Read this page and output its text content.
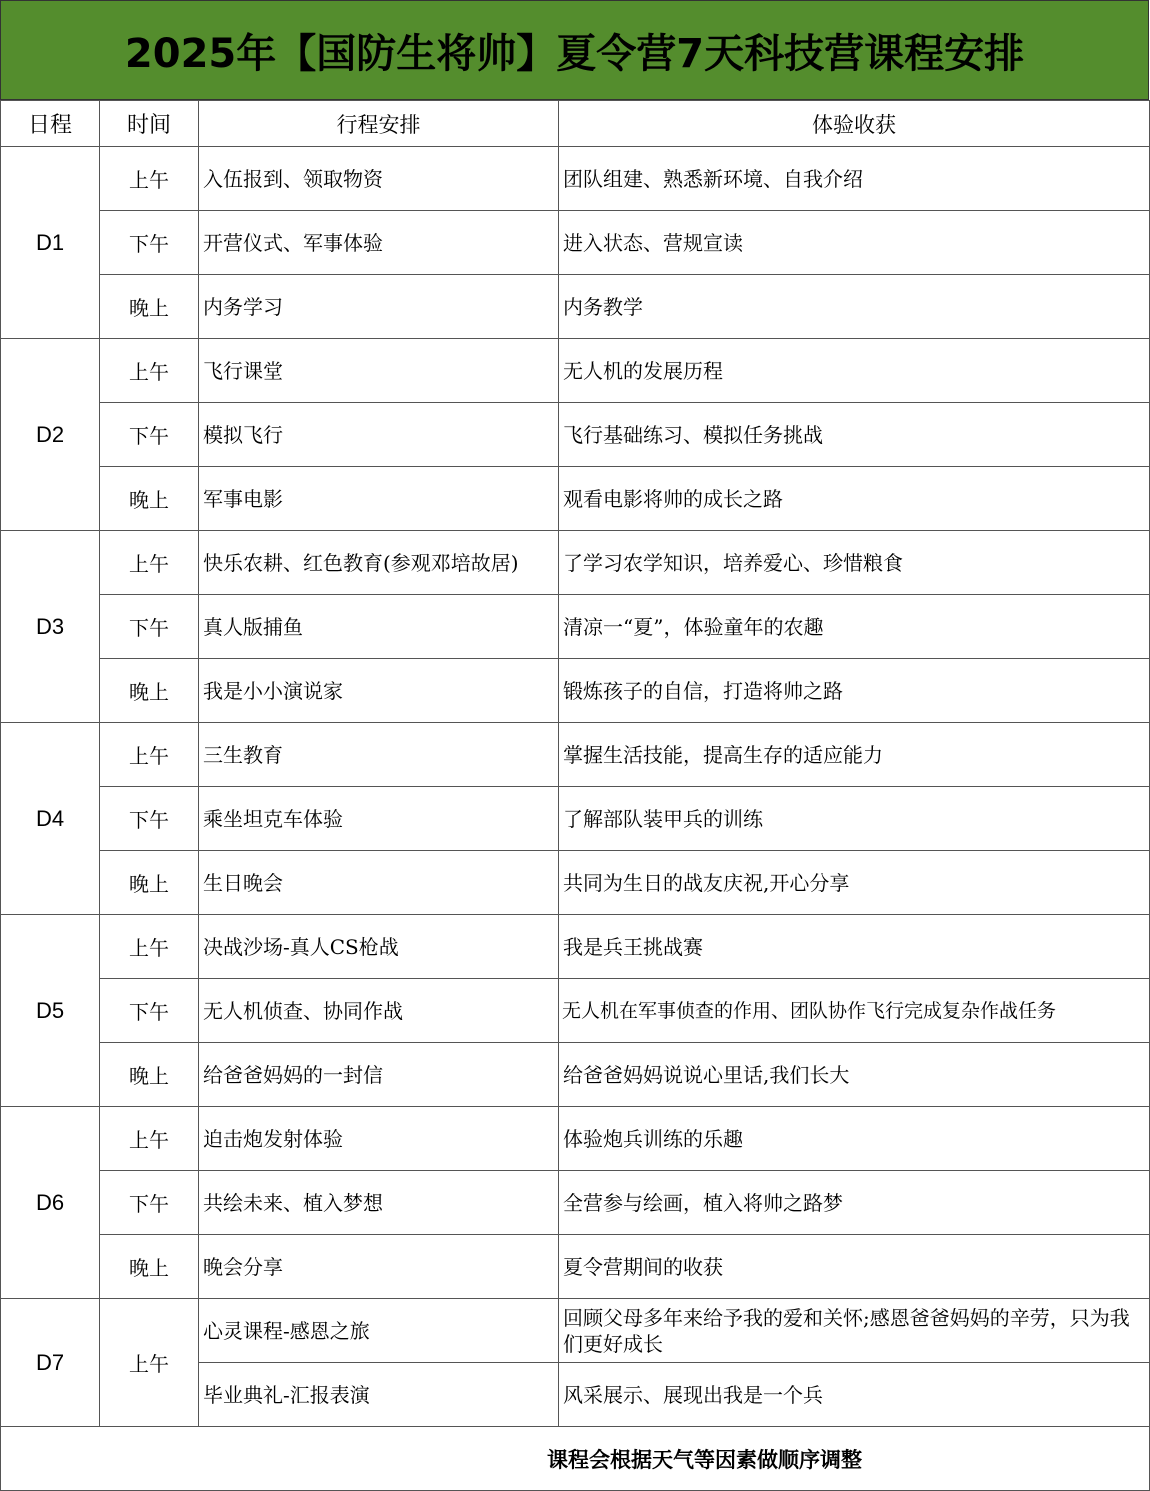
2025年【国防生将帅】夏令营7天科技营课程安排
日程	时间	行程安排	体验收获
D1	上午	入伍报到、领取物资	团队组建、熟悉新环境、自我介绍
	下午	开营仪式、军事体验	进入状态、营规宣读
	晚上	内务学习	内务教学
D2	上午	飞行课堂	无人机的发展历程
	下午	模拟飞行	飞行基础练习、模拟任务挑战
	晚上	军事电影	观看电影将帅的成长之路
D3	上午	快乐农耕、红色教育(参观邓培故居)	了学习农学知识，培养爱心、珍惜粮食
	下午	真人版捕鱼	清凉一“夏”，体验童年的农趣
	晚上	我是小小演说家	锻炼孩子的自信，打造将帅之路
D4	上午	三生教育	掌握生活技能，提高生存的适应能力
	下午	乘坐坦克车体验	了解部队装甲兵的训练
	晚上	生日晚会	共同为生日的战友庆祝,开心分享
D5	上午	决战沙场-真人CS枪战	我是兵王挑战赛
	下午	无人机侦查、协同作战	无人机在军事侦查的作用、团队协作飞行完成复杂作战任务
	晚上	给爸爸妈妈的一封信	给爸爸妈妈说说心里话,我们长大
D6	上午	迫击炮发射体验	体验炮兵训练的乐趣
	下午	共绘未来、植入梦想	全营参与绘画，植入将帅之路梦
	晚上	晚会分享	夏令营期间的收获
D7	上午	心灵课程-感恩之旅	回顾父母多年来给予我的爱和关怀;感恩爸爸妈妈的辛劳，只为我们更好成长
		毕业典礼-汇报表演	风采展示、展现出我是一个兵

课程会根据天气等因素做顺序调整			
